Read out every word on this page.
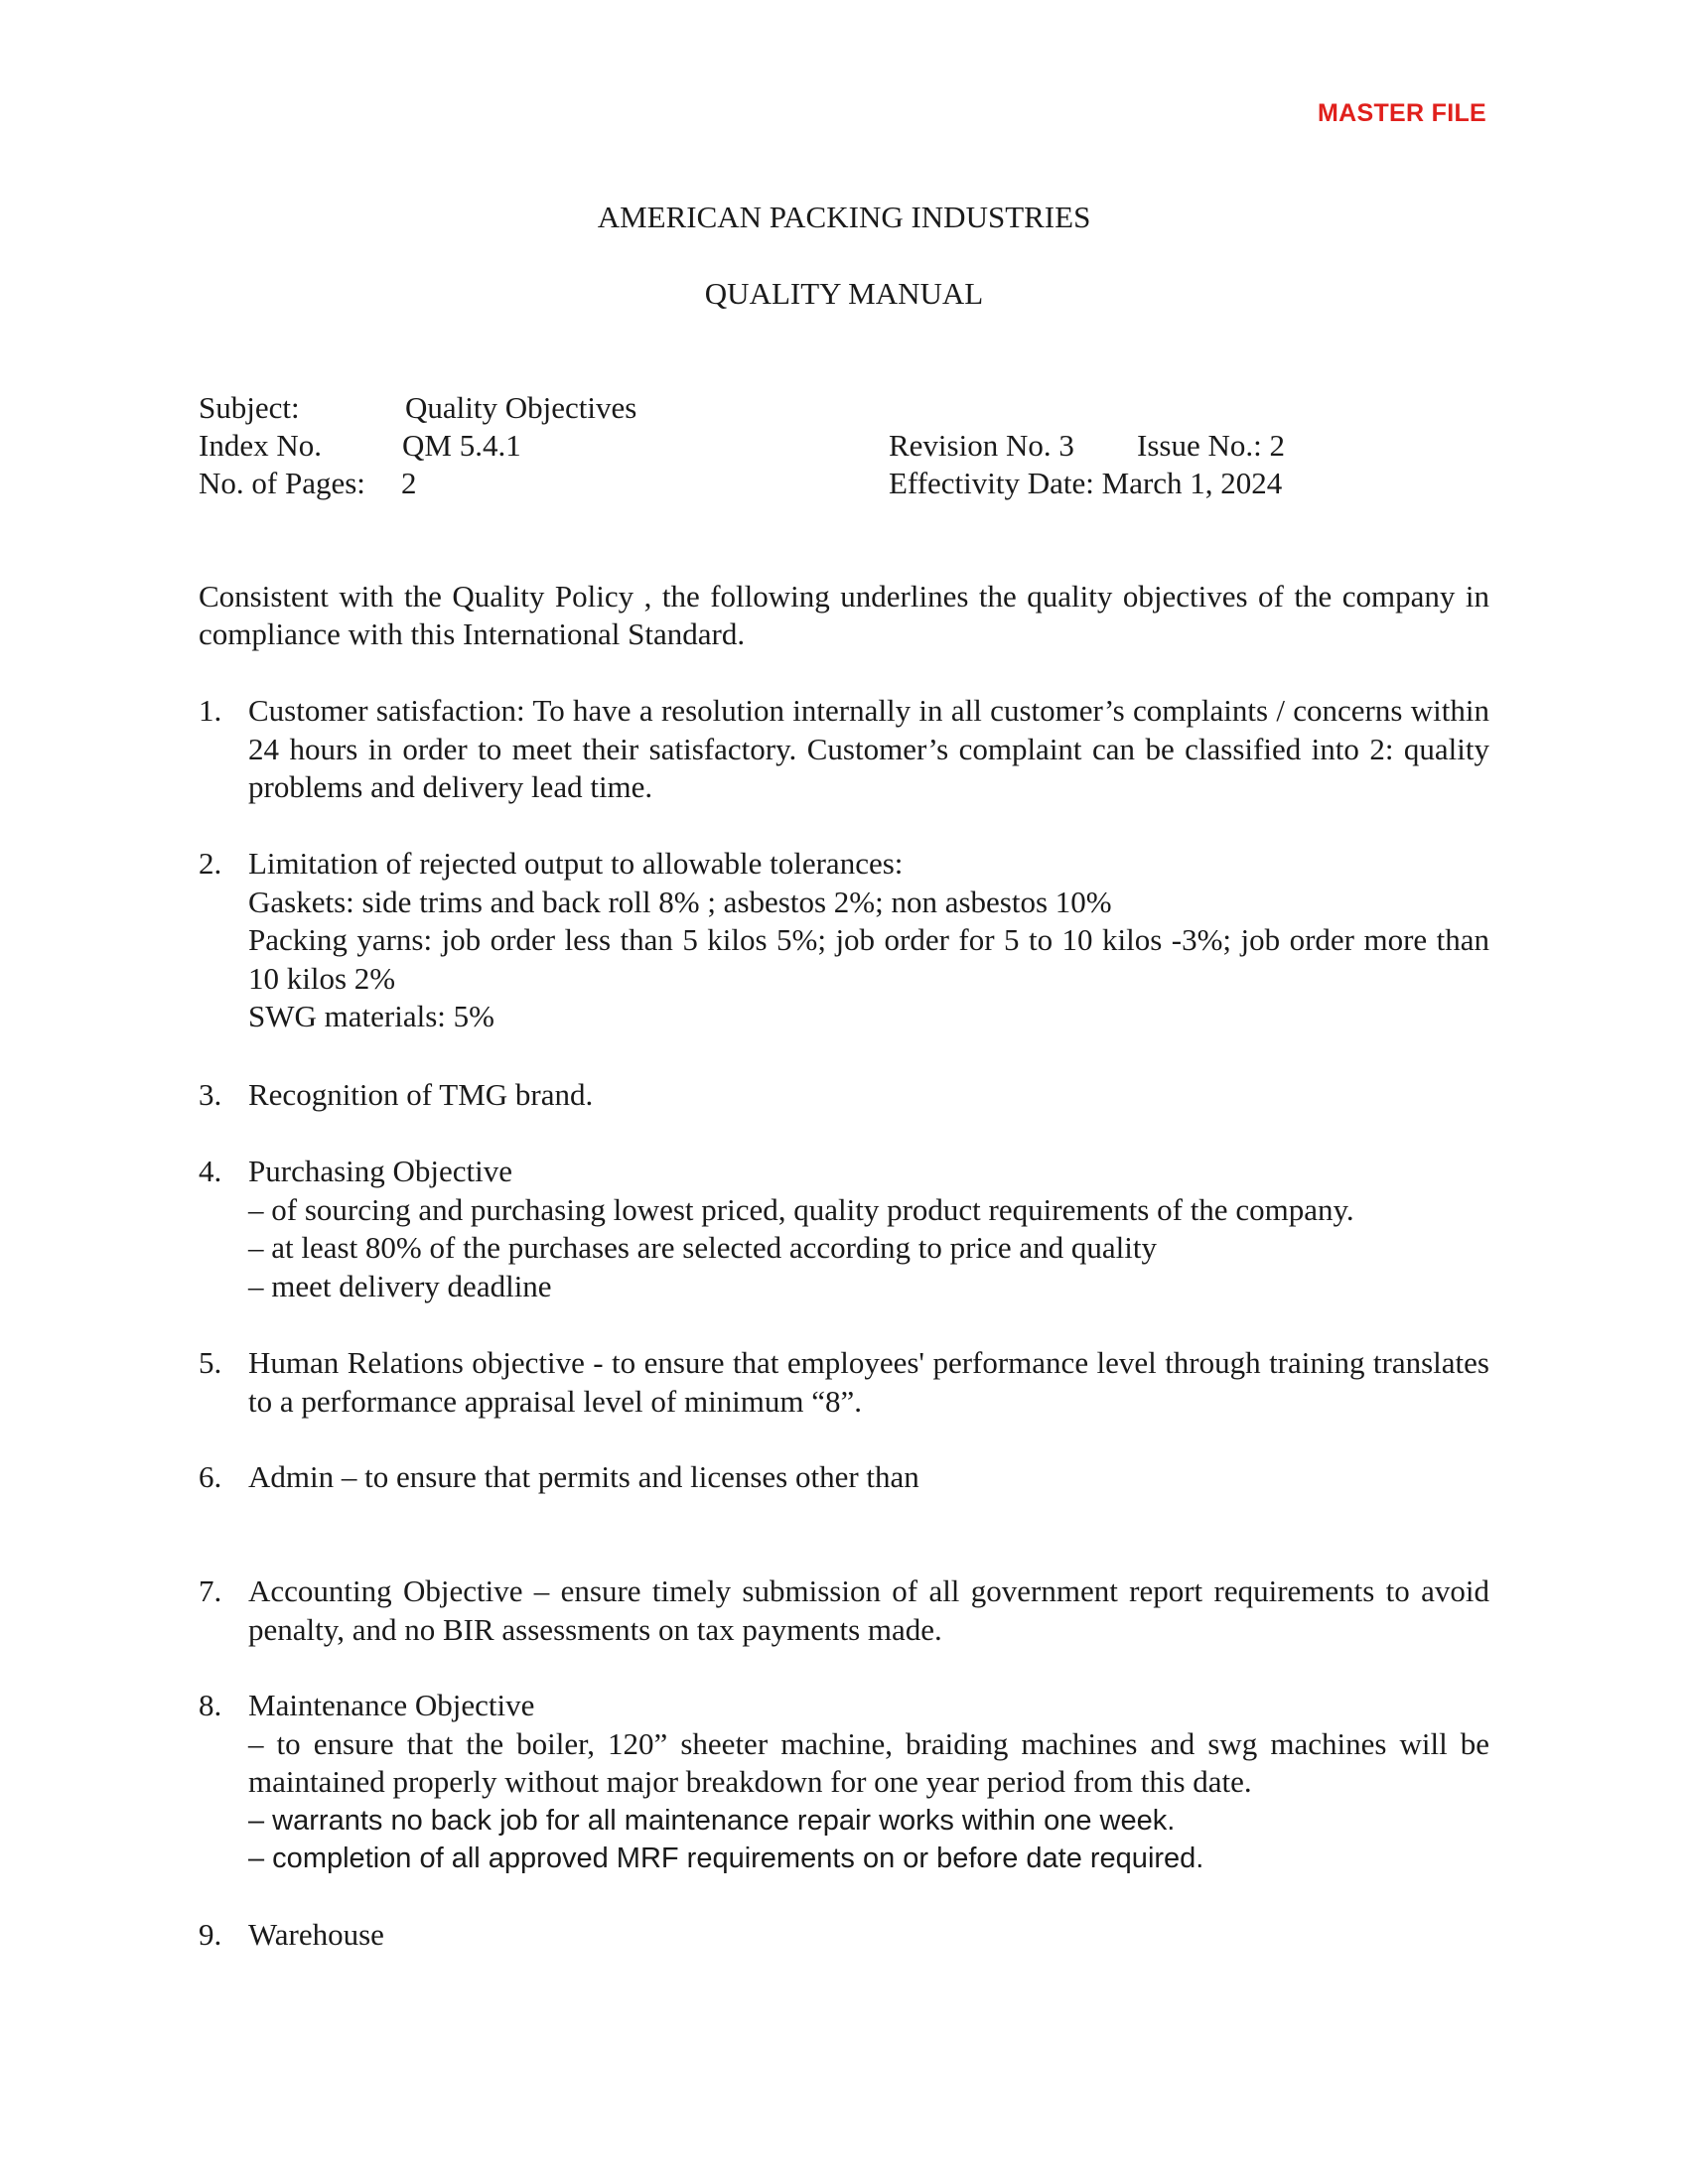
MASTER FILE
AMERICAN PACKING INDUSTRIES
QUALITY MANUAL
Subject:	Quality Objectives
Index No.	QM 5.4.1	Revision No. 3 Issue No.: 2
No. of Pages: 2	Effectivity Date: March 1, 2024
Consistent with the Quality Policy , the following underlines the quality objectives of the company in compliance with this International Standard.
1. Customer satisfaction: To have a resolution internally in all customer’s complaints / concerns within 24 hours in order to meet their satisfactory. Customer’s complaint can be classified into 2: quality problems and delivery lead time.
2. Limitation of rejected output to allowable tolerances:
Gaskets: side trims and back roll 8% ; asbestos 2%; non asbestos 10%
Packing yarns: job order less than 5 kilos 5%; job order for 5 to 10 kilos -3%; job order more than 10 kilos 2%
SWG materials: 5%
3. Recognition of TMG brand.
4. Purchasing Objective
– of sourcing and purchasing lowest priced, quality product requirements of the company.
– at least 80% of the purchases are selected according to price and quality
– meet delivery deadline
5. Human Relations objective - to ensure that employees' performance level through training translates to a performance appraisal level of minimum “8”.
6. Admin – to ensure that permits and licenses other than
7. Accounting Objective – ensure timely submission of all government report requirements to avoid penalty, and no BIR assessments on tax payments made.
8. Maintenance Objective
– to ensure that the boiler, 120” sheeter machine, braiding machines and swg machines will be maintained properly without major breakdown for one year period from this date.
– warrants no back job for all maintenance repair works within one week.
– completion of all approved MRF requirements on or before date required.
9. Warehouse
